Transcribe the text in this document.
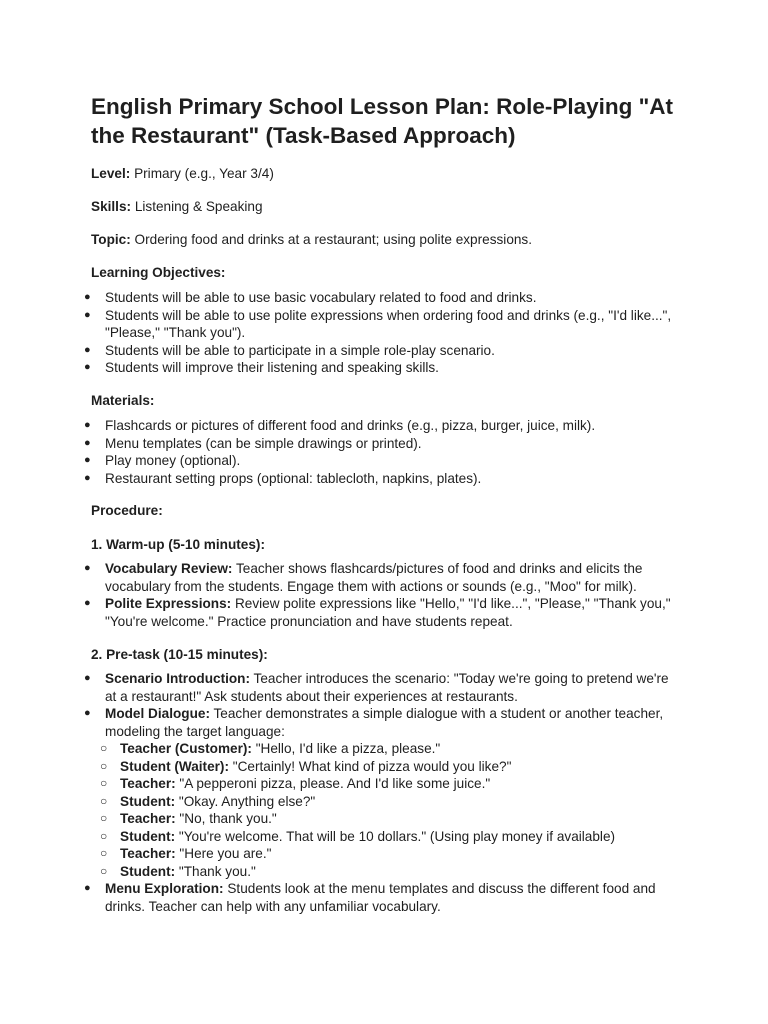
English Primary School Lesson Plan: Role-Playing "At the Restaurant" (Task-Based Approach)
Level: Primary (e.g., Year 3/4)
Skills: Listening & Speaking
Topic: Ordering food and drinks at a restaurant; using polite expressions.
Learning Objectives:
● Students will be able to use basic vocabulary related to food and drinks.
● Students will be able to use polite expressions when ordering food and drinks (e.g., "I'd like...", "Please," "Thank you").
● Students will be able to participate in a simple role-play scenario.
● Students will improve their listening and speaking skills.
Materials:
● Flashcards or pictures of different food and drinks (e.g., pizza, burger, juice, milk).
● Menu templates (can be simple drawings or printed).
● Play money (optional).
● Restaurant setting props (optional: tablecloth, napkins, plates).
Procedure:
1. Warm-up (5-10 minutes):
● Vocabulary Review: Teacher shows flashcards/pictures of food and drinks and elicits the vocabulary from the students. Engage them with actions or sounds (e.g., "Moo" for milk).
● Polite Expressions: Review polite expressions like "Hello," "I'd like...", "Please," "Thank you," "You're welcome." Practice pronunciation and have students repeat.
2. Pre-task (10-15 minutes):
● Scenario Introduction: Teacher introduces the scenario: "Today we're going to pretend we're at a restaurant!" Ask students about their experiences at restaurants.
● Model Dialogue: Teacher demonstrates a simple dialogue with a student or another teacher, modeling the target language:
○ Teacher (Customer): "Hello, I'd like a pizza, please."
○ Student (Waiter): "Certainly! What kind of pizza would you like?"
○ Teacher: "A pepperoni pizza, please. And I'd like some juice."
○ Student: "Okay. Anything else?"
○ Teacher: "No, thank you."
○ Student: "You're welcome. That will be 10 dollars." (Using play money if available)
○ Teacher: "Here you are."
○ Student: "Thank you."
● Menu Exploration: Students look at the menu templates and discuss the different food and drinks. Teacher can help with any unfamiliar vocabulary.
